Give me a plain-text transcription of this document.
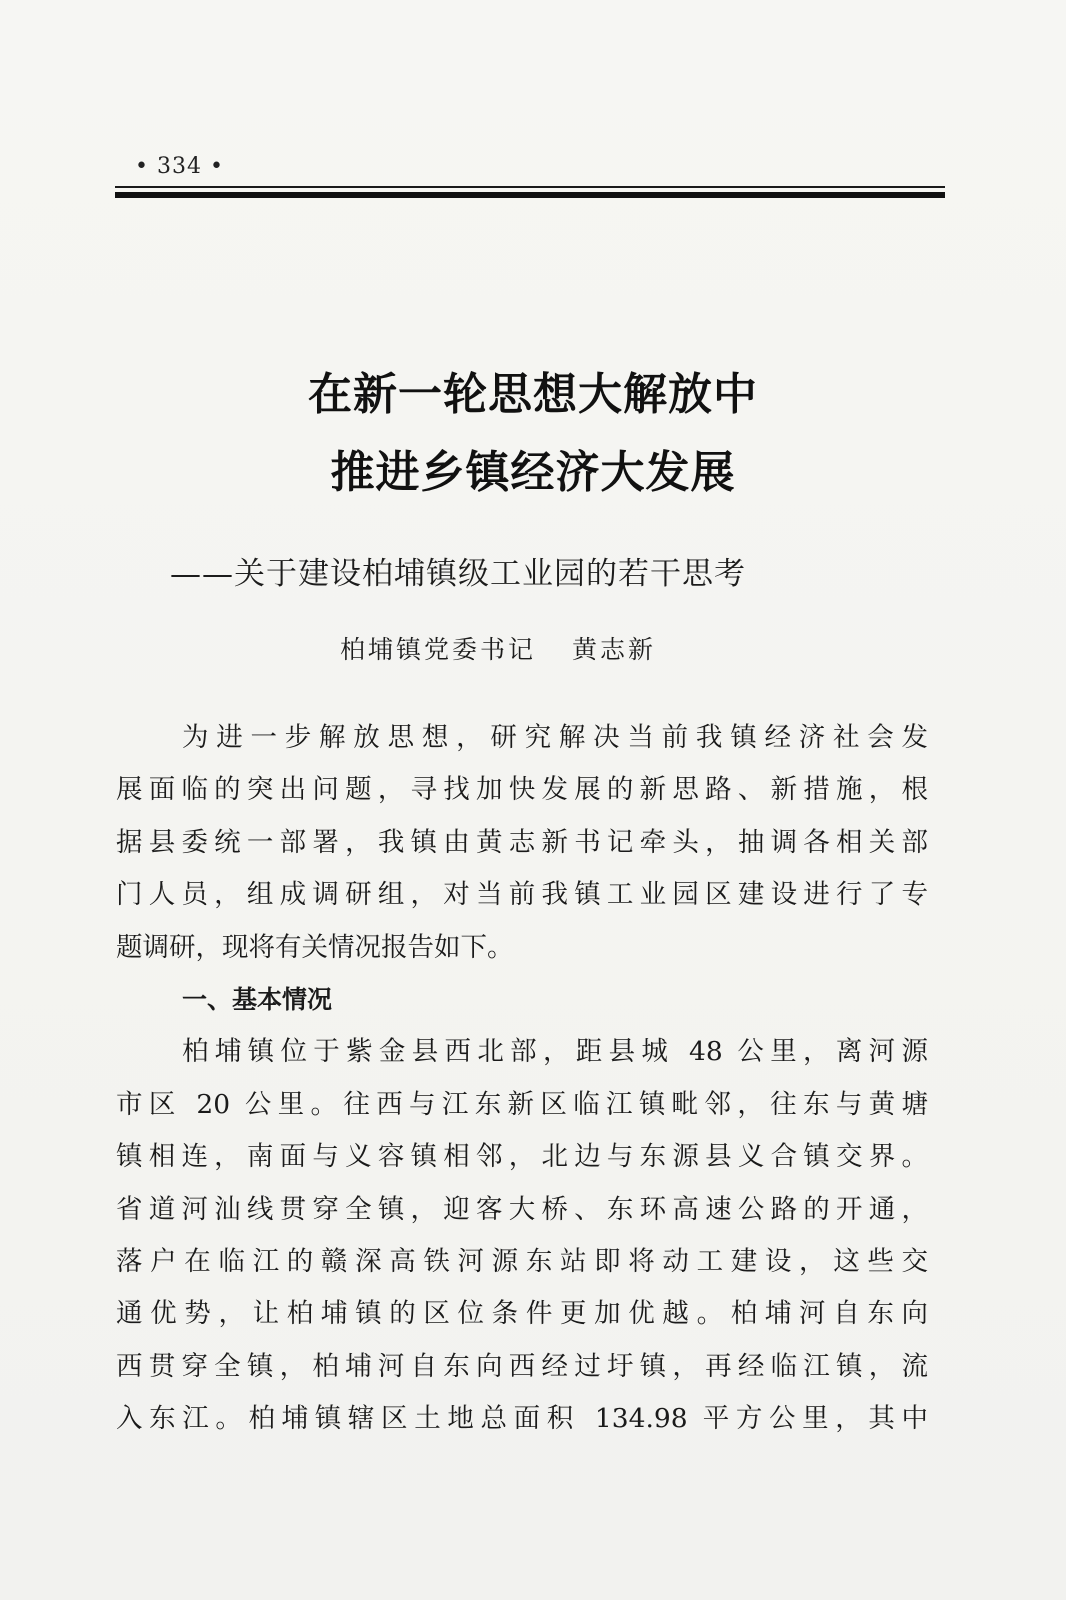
• 334 •
在新一轮思想大解放中
推进乡镇经济大发展
——关于建设柏埔镇级工业园的若干思考
柏埔镇党委书记 黄志新
为进一步解放思想，研究解决当前我镇经济社会发
展面临的突出问题，寻找加快发展的新思路、新措施，根
据县委统一部署，我镇由黄志新书记牵头，抽调各相关部
门人员，组成调研组，对当前我镇工业园区建设进行了专
题调研，现将有关情况报告如下。
一、基本情况
柏埔镇位于紫金县西北部，距县城 48 公里，离河源
市区 20 公里。往西与江东新区临江镇毗邻，往东与黄塘
镇相连，南面与义容镇相邻，北边与东源县义合镇交界。
省道河汕线贯穿全镇，迎客大桥、东环高速公路的开通，
落户在临江的赣深高铁河源东站即将动工建设，这些交
通优势，让柏埔镇的区位条件更加优越。柏埔河自东向
西贯穿全镇，柏埔河自东向西经过圩镇，再经临江镇，流
入东江。柏埔镇辖区土地总面积 134.98 平方公里，其中
